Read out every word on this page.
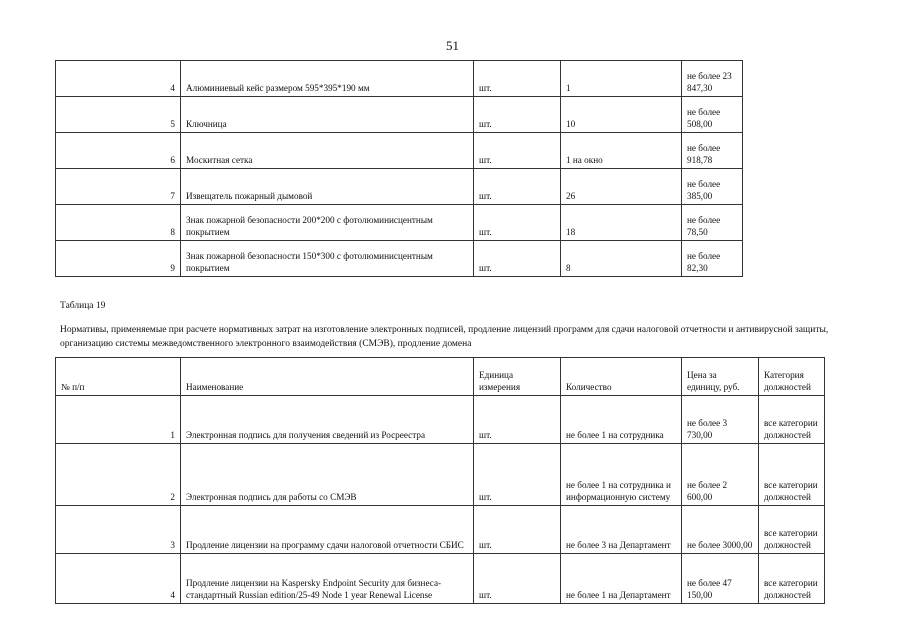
51
4	Алюминиевый кейс размером 595*395*190 мм	шт.	1	не более 23 847,30
5	Ключница	шт.	10	не более 508,00
6	Москитная сетка	шт.	1 на окно	не более 918,78
7	Извещатель пожарный дымовой	шт.	26	не более 385,00
8	Знак пожарной безопасности 200*200 с фотолюминисцентным покрытием	шт.	18	не более 78,50
9	Знак пожарной безопасности 150*300 с фотолюминисцентным покрытием	шт.	8	не более 82,30
Таблица 19
Нормативы, применяемые при расчете нормативных затрат на изготовление электронных подписей, продление лицензий программ для сдачи налоговой отчетности и антивирусной защиты, организацию системы межведомственного электронного взаимодействия (СМЭВ), продление домена
№ п/п	Наименование	Единица измерения	Количество	Цена за единицу, руб.	Категория должностей
1	Электронная подпись для получения сведений из Росреестра	шт.	не более 1 на сотрудника	не более 3 730,00	все категории должностей
2	Электронная подпись для работы со СМЭВ	шт.	не более 1 на сотрудника и информационную систему	не более 2 600,00	все категории должностей
3	Продление лицензии на программу сдачи налоговой отчетности СБИС	шт.	не более 3 на Департамент	не более 3000,00	все категории должностей
4	Продление лицензии на Kaspersky Endpoint Security для бизнеса-стандартный Russian edition/25-49 Node 1 year Renewal License	шт.	не более 1 на Департамент	не более 47 150,00	все категории должностей
